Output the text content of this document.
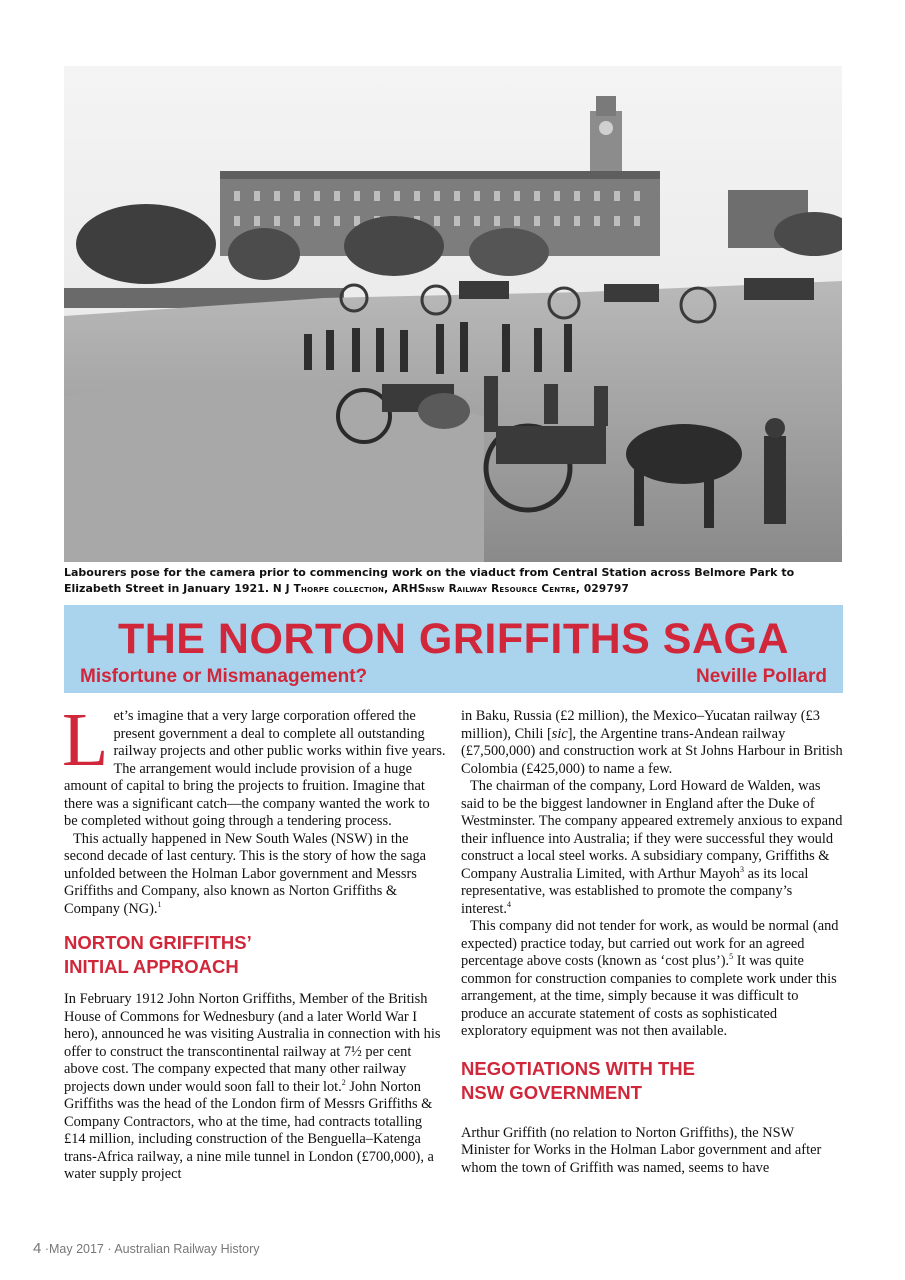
Labourers pose for the camera prior to commencing work on the viaduct from Central Station across Belmore Park to Elizabeth Street in January 1921. N J Thorpe collection, ARHSnsw Railway Resource Centre, 029797
THE NORTON GRIFFITHS SAGA
Misfortune or Mismanagement?	Neville Pollard

Let’s imagine that a very large corporation offered the present government a deal to complete all outstanding railway projects and other public works within five years. The arrangement would include provision of a huge amount of capital to bring the projects to fruition. Imagine that there was a significant catch—the company wanted the work to be completed without going through a tendering process.

This actually happened in New South Wales (NSW) in the second decade of last century. This is the story of how the saga unfolded between the Holman Labor government and Messrs Griffiths and Company, also known as Norton Griffiths & Company (NG).$^1$

NORTON GRIFFITHS’
INITIAL APPROACH

In February 1912 John Norton Griffiths, Member of the British House of Commons for Wednesbury (and a later World War I hero), announced he was visiting Australia in connection with his offer to construct the transcontinental railway at 7½ per cent above cost. The company expected that many other railway projects down under would soon fall to their lot.$^2$ John Norton Griffiths was the head of the London firm of Messrs Griffiths & Company Contractors, who at the time, had contracts totalling £14 million, including construction of the Benguella–Katenga trans-Africa railway, a nine mile tunnel in London (£700,000), a water supply project

in Baku, Russia (£2 million), the Mexico–Yucatan railway (£3 million), Chili [sic], the Argentine trans-Andean railway (£7,500,000) and construction work at St Johns Harbour in British Colombia (£425,000) to name a few.

The chairman of the company, Lord Howard de Walden, was said to be the biggest landowner in England after the Duke of Westminster. The company appeared extremely anxious to expand their influence into Australia; if they were successful they would construct a local steel works. A subsidiary company, Griffiths & Company Australia Limited, with Arthur Mayoh$^3$ as its local representative, was established to promote the company’s interest.$^4$

This company did not tender for work, as would be normal (and expected) practice today, but carried out work for an agreed percentage above costs (known as ‘cost plus’).$^5$ It was quite common for construction companies to complete work under this arrangement, at the time, simply because it was difficult to produce an accurate statement of costs as sophisticated exploratory equipment was not then available.

NEGOTIATIONS WITH THE
NSW GOVERNMENT

Arthur Griffith (no relation to Norton Griffiths), the NSW Minister for Works in the Holman Labor government and after whom the town of Griffith was named, seems to have

4 ·May 2017 · Australian Railway History
